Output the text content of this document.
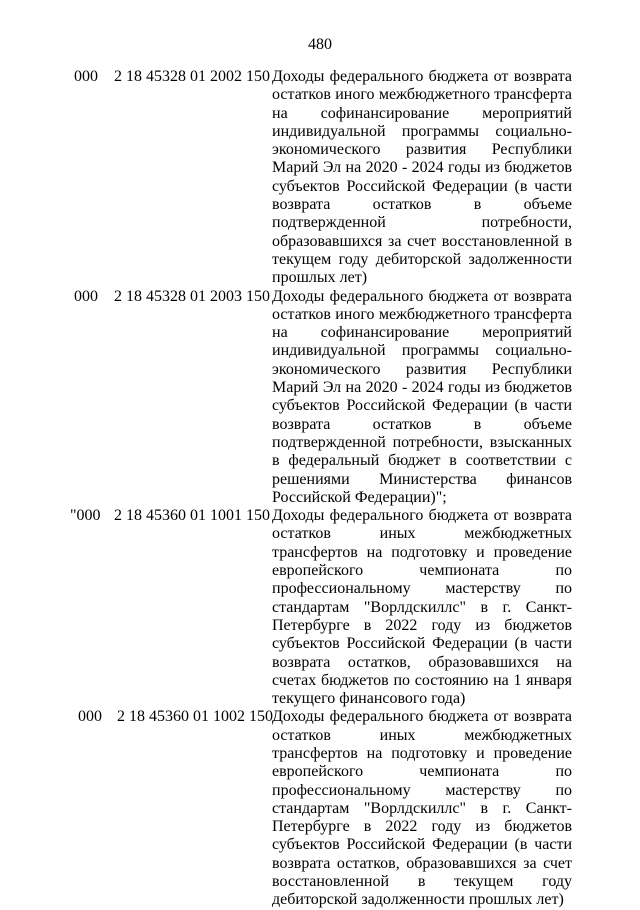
480
000 2 18 45328 01 2002 150 Доходы федерального бюджета от возврата остатков иного межбюджетного трансферта на софинансирование мероприятий индивидуальной программы социально-экономического развития Республики Марий Эл на 2020 - 2024 годы из бюджетов субъектов Российской Федерации (в части возврата остатков в объеме подтвержденной потребности, образовавшихся за счет восстановленной в текущем году дебиторской задолженности прошлых лет)
000 2 18 45328 01 2003 150 Доходы федерального бюджета от возврата остатков иного межбюджетного трансферта на софинансирование мероприятий индивидуальной программы социально-экономического развития Республики Марий Эл на 2020 - 2024 годы из бюджетов субъектов Российской Федерации (в части возврата остатков в объеме подтвержденной потребности, взысканных в федеральный бюджет в соответствии с решениями Министерства финансов Российской Федерации)";
"000 2 18 45360 01 1001 150 Доходы федерального бюджета от возврата остатков иных межбюджетных трансфертов на подготовку и проведение европейского чемпионата по профессиональному мастерству по стандартам "Ворлдскиллс" в г. Санкт-Петербурге в 2022 году из бюджетов субъектов Российской Федерации (в части возврата остатков, образовавшихся на счетах бюджетов по состоянию на 1 января текущего финансового года)
000 2 18 45360 01 1002 150 Доходы федерального бюджета от возврата остатков иных межбюджетных трансфертов на подготовку и проведение европейского чемпионата по профессиональному мастерству по стандартам "Ворлдскиллс" в г. Санкт-Петербурге в 2022 году из бюджетов субъектов Российской Федерации (в части возврата остатков, образовавшихся за счет восстановленной в текущем году дебиторской задолженности прошлых лет)
